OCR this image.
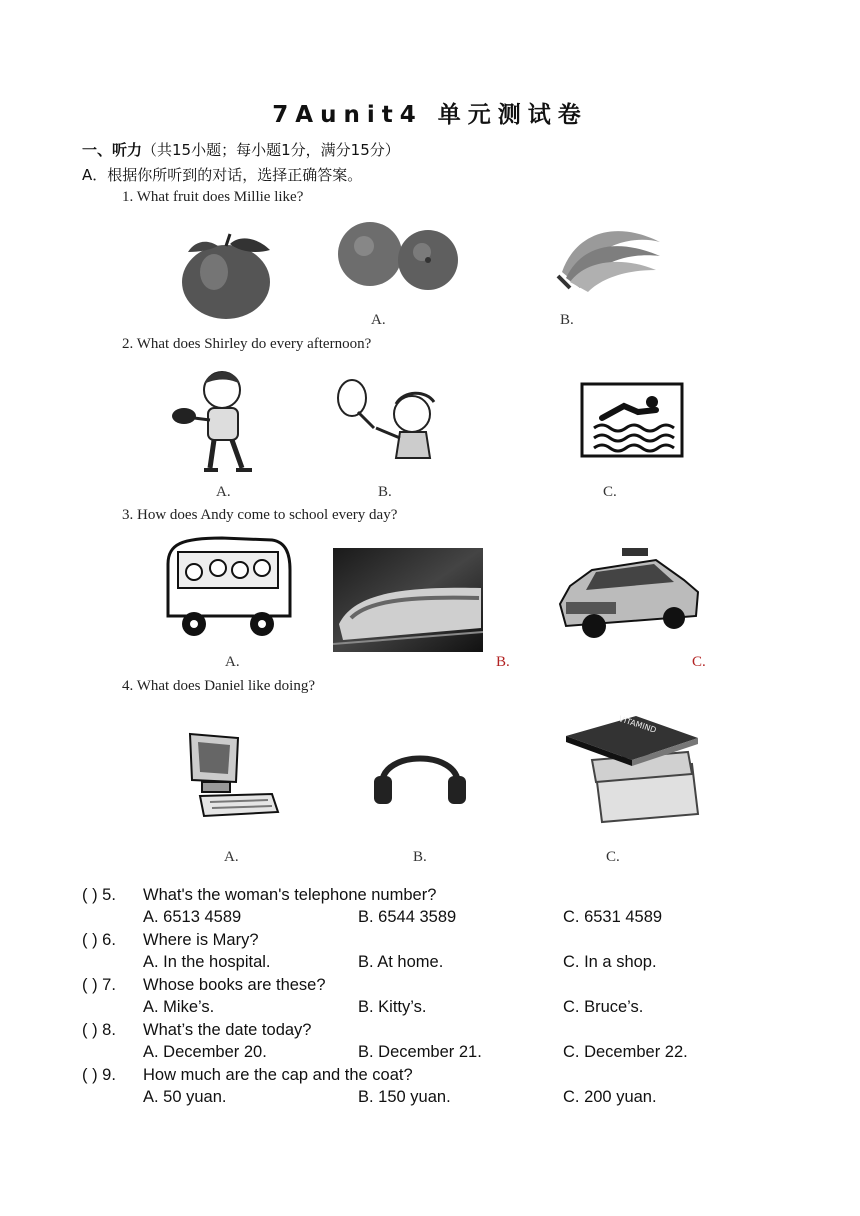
7Aunit4 单元测试卷
一、听力（共15小题；每小题1分，满分15分）
A．根据你所听到的对话，选择正确答案。
1. What fruit does Millie like?
A.	B.
2. What does Shirley do every afternoon?
A.	B.	C.
3. How does Andy come to school every day?
A.	B.	C.
4. What does Daniel like doing?
VITAMIND
A.	B.	C.
( ) 5. What's the woman's telephone number?
A. 6513 4589	B. 6544 3589	C. 6531 4589
( ) 6. Where is Mary?
A. In the hospital.	B. At home.	C. In a shop.
( ) 7. Whose books are these?
A. Mike’s.	B. Kitty’s.	C. Bruce’s.
( ) 8. What’s the date today?
A. December 20.	B. December 21.	C. December 22.
( ) 9. How much are the cap and the coat?
A. 50 yuan.	B. 150 yuan.	C. 200 yuan.
